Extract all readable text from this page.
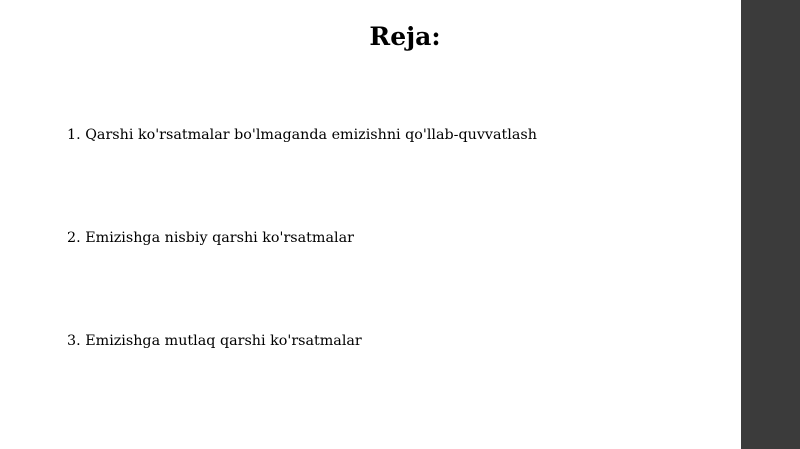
Reja:
1. Qarshi ko'rsatmalar bo'lmaganda emizishni qo'llab-quvvatlash
2. Emizishga nisbiy qarshi ko'rsatmalar
3. Emizishga mutlaq qarshi ko'rsatmalar
